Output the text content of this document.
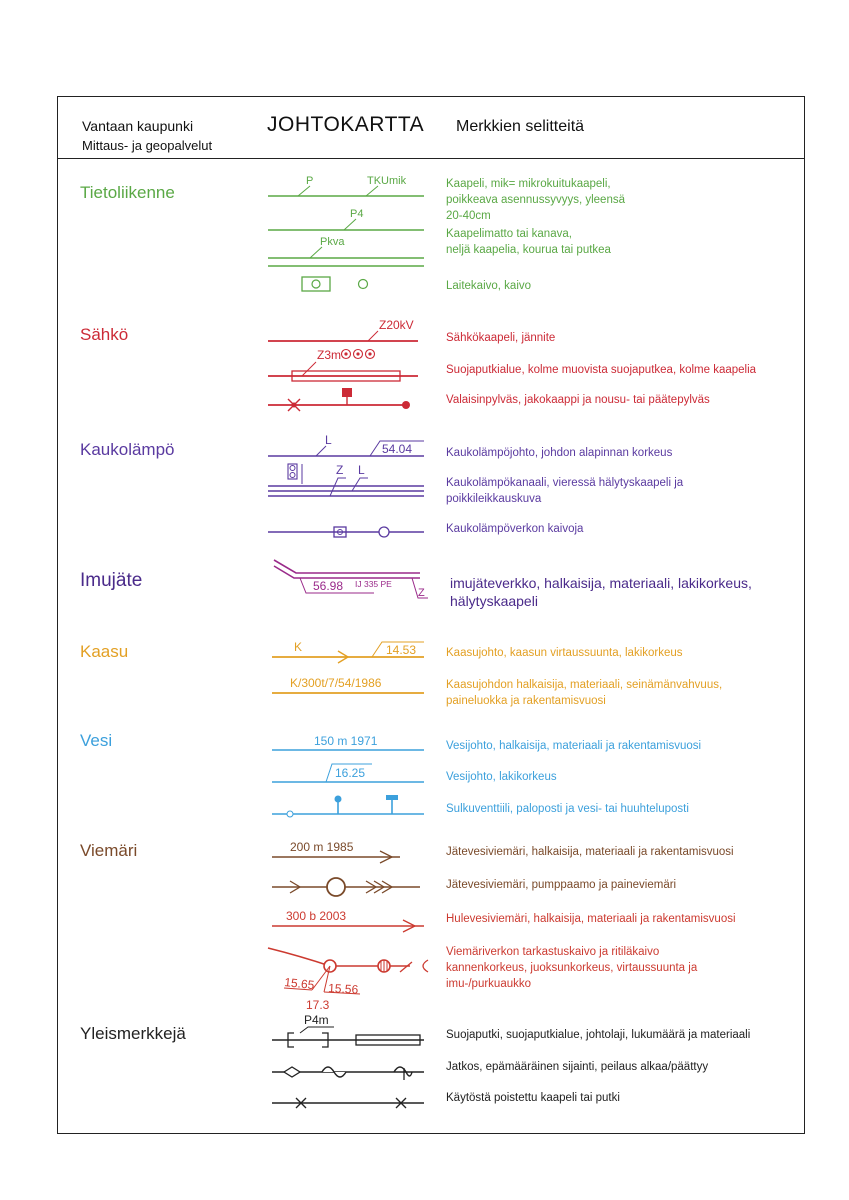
Vantaan kaupunki
Mittaus- ja geopalvelut
JOHTOKARTTA Merkkien selitteitä
Tietoliikenne
Sähkö
Kaukolämpö
Imujäte
Kaasu
Vesi
Viemäri
Yleismerkkejä
Kaapeli, mik= mikrokuitukaapeli,
poikkeava asennussyvyys, yleensä
20-40cm
Kaapelimatto tai kanava,
neljä kaapelia, kourua tai putkea
Laitekaivo, kaivo
Sähkökaapeli, jännite
Suojaputkialue, kolme muovista suojaputkea, kolme kaapelia
Valaisinpylväs, jakokaappi ja nousu- tai päätepylväs
Kaukolämpöjohto, johdon alapinnan korkeus
Kaukolämpökanaali, vieressä hälytyskaapeli ja
poikkileikkauskuva
Kaukolämpöverkon kaivoja
imujäteverkko, halkaisija, materiaali, lakikorkeus,
hälytyskaapeli
Kaasujohto, kaasun virtaussuunta, lakikorkeus
Kaasujohdon halkaisija, materiaali, seinämänvahvuus,
paineluokka ja rakentamisvuosi
Vesijohto, halkaisija, materiaali ja rakentamisvuosi
Vesijohto, lakikorkeus
Sulkuventtiili, paloposti ja vesi- tai huuhteluposti
Jätevesiviemäri, halkaisija, materiaali ja rakentamisvuosi
Jätevesiviemäri, pumppaamo ja paineviemäri
Hulevesiviemäri, halkaisija, materiaali ja rakentamisvuosi
Viemäriverkon tarkastuskaivo ja ritiläkaivo
kannenkorkeus, juoksunkorkeus, virtaussuunta ja
imu-/purkuaukko
Suojaputki, suojaputkialue, johtolaji, lukumäärä ja materiaali
Jatkos, epämääräinen sijainti, peilaus alkaa/päättyy
Käytöstä poistettu kaapeli tai putki
P	TKUmik
P4
Pkva
Z20kV
Z3m
L
54.04
Z L
56.98 IJ 335 PE
Z
K	14.53
K/300t/7/54/1986
150 m 1971
16.25
200 m 1985
300 b 2003
15.65 15.56
17.3
P4m
